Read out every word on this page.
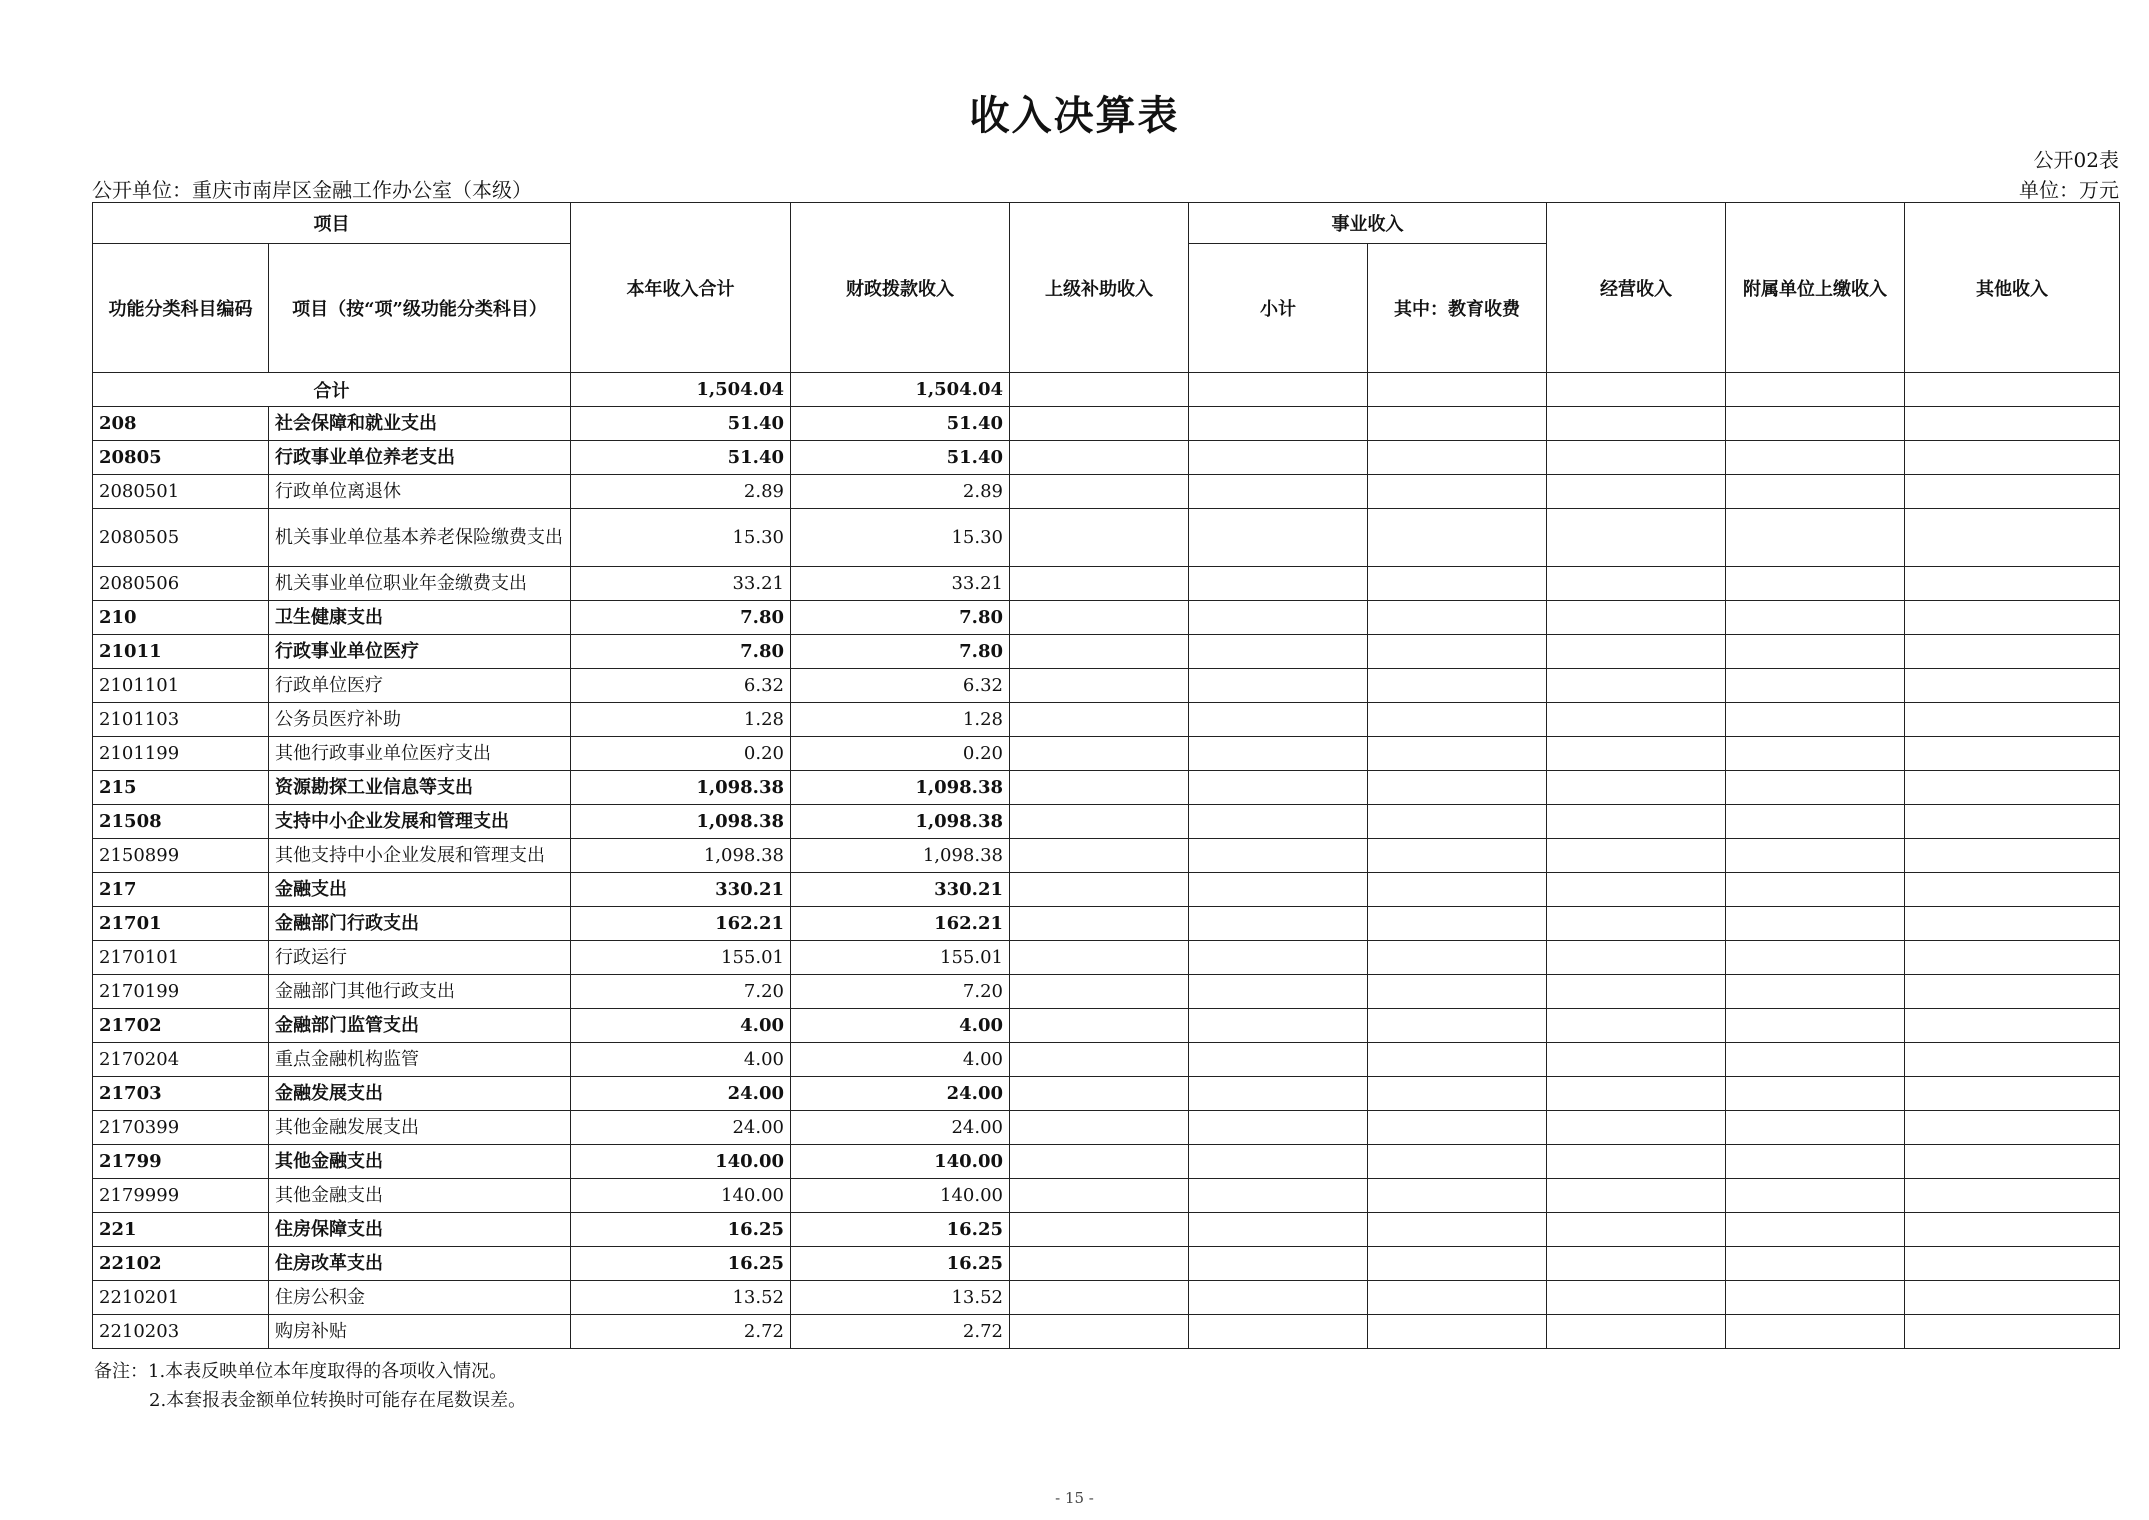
收入决算表
公开02表
公开单位：重庆市南岸区金融工作办公室（本级）	单位：万元
项目		本年收入合计	财政拨款收入	上级补助收入	事业收入		经营收入	附属单位上缴收入	其他收入
功能分类科目编码	项目（按“项”级功能分类科目）				小计	其中：教育收费			
合计		1,504.04	1,504.04						
208	社会保障和就业支出	51.40	51.40						
20805	行政事业单位养老支出	51.40	51.40						
2080501	行政单位离退休	2.89	2.89						
2080505	机关事业单位基本养老保险缴费支出	15.30	15.30						
2080506	机关事业单位职业年金缴费支出	33.21	33.21						
210	卫生健康支出	7.80	7.80						
21011	行政事业单位医疗	7.80	7.80						
2101101	行政单位医疗	6.32	6.32						
2101103	公务员医疗补助	1.28	1.28						
2101199	其他行政事业单位医疗支出	0.20	0.20						
215	资源勘探工业信息等支出	1,098.38	1,098.38						
21508	支持中小企业发展和管理支出	1,098.38	1,098.38						
2150899	其他支持中小企业发展和管理支出	1,098.38	1,098.38						
217	金融支出	330.21	330.21						
21701	金融部门行政支出	162.21	162.21						
2170101	行政运行	155.01	155.01						
2170199	金融部门其他行政支出	7.20	7.20						
21702	金融部门监管支出	4.00	4.00						
2170204	重点金融机构监管	4.00	4.00						
21703	金融发展支出	24.00	24.00						
2170399	其他金融发展支出	24.00	24.00						
21799	其他金融支出	140.00	140.00						
2179999	其他金融支出	140.00	140.00						
221	住房保障支出	16.25	16.25						
22102	住房改革支出	16.25	16.25						
2210201	住房公积金	13.52	13.52						
2210203	购房补贴	2.72	2.72						
备注：1.本表反映单位本年度取得的各项收入情况。
2.本套报表金额单位转换时可能存在尾数误差。
- 15 -
